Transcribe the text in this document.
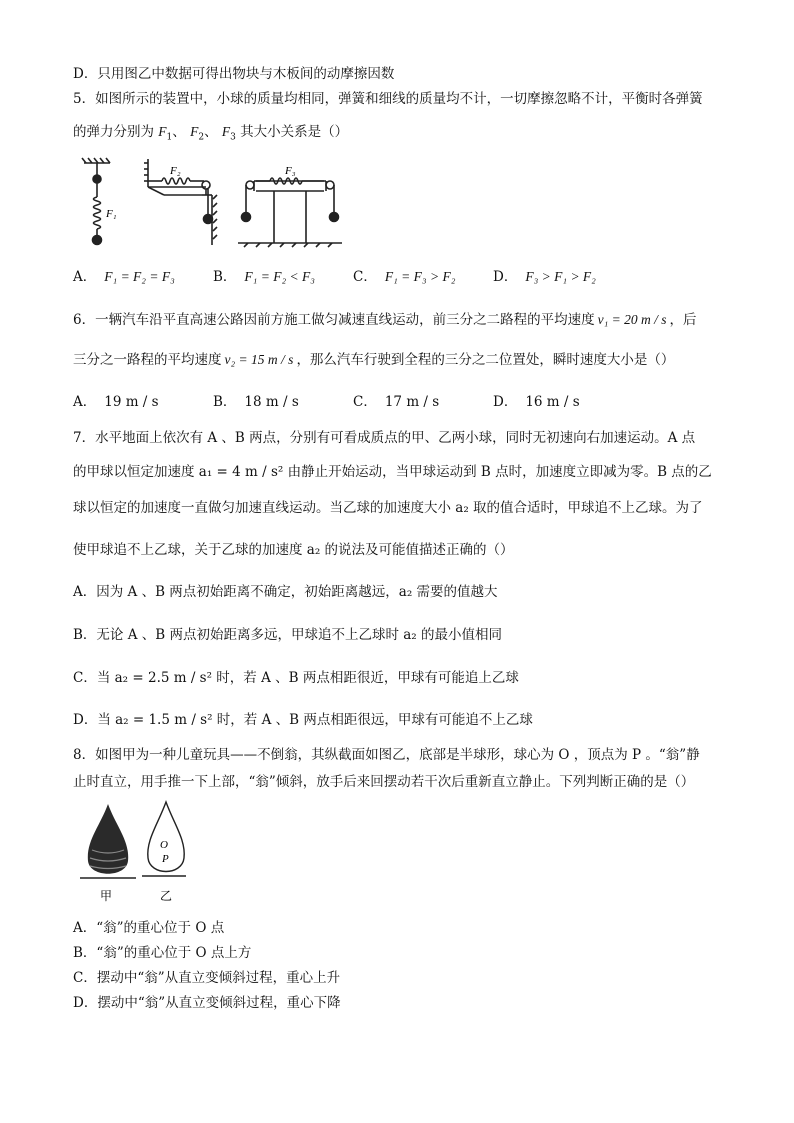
D．只用图乙中数据可得出物块与木板间的动摩擦因数
5．如图所示的装置中，小球的质量均相同，弹簧和细线的质量均不计，一切摩擦忽略不计，平衡时各弹簧
的弹力分别为 $F_1$、 $F_2$、 $F_3$ 其大小关系是（）
F₁
F₂	F₃
A． F₁ = F₂ = F₃	B． F₁ = F₂ < F₃	C． F₁ = F₃ > F₂	D． F₃ > F₁ > F₂
6．一辆汽车沿平直高速公路因前方施工做匀减速直线运动，前三分之二路程的平均速度 v₁ = 20 m / s ，后
三分之一路程的平均速度 v₂ = 15 m / s ，那么汽车行驶到全程的三分之二位置处，瞬时速度大小是（）
A． 19 m / s	B． 18 m / s	C． 17 m / s	D． 16 m / s
7．水平地面上依次有 A 、B 两点，分别有可看成质点的甲、乙两小球，同时无初速向右加速运动。A 点
的甲球以恒定加速度 a₁ = 4 m / s² 由静止开始运动，当甲球运动到 B 点时，加速度立即减为零。B 点的乙
球以恒定的加速度一直做匀加速直线运动。当乙球的加速度大小 a₂ 取的值合适时，甲球追不上乙球。为了
使甲球追不上乙球，关于乙球的加速度 a₂ 的说法及可能值描述正确的（）
A．因为 A 、B 两点初始距离不确定，初始距离越远，a₂ 需要的值越大
B．无论 A 、B 两点初始距离多远，甲球追不上乙球时 a₂ 的最小值相同
C．当 a₂ = 2.5 m / s² 时，若 A 、B 两点相距很近，甲球有可能追上乙球
D．当 a₂ = 1.5 m / s² 时，若 A 、B 两点相距很远，甲球有可能追不上乙球
8．如图甲为一种儿童玩具——不倒翁，其纵截面如图乙，底部是半球形，球心为 O ，顶点为 P 。“翁”静
止时直立，用手推一下上部，“翁”倾斜，放手后来回摆动若干次后重新直立静止。下列判断正确的是（）
O
P
甲	乙
A．“翁”的重心位于 O 点
B．“翁”的重心位于 O 点上方
C．摆动中“翁”从直立变倾斜过程，重心上升
D．摆动中“翁”从直立变倾斜过程，重心下降
